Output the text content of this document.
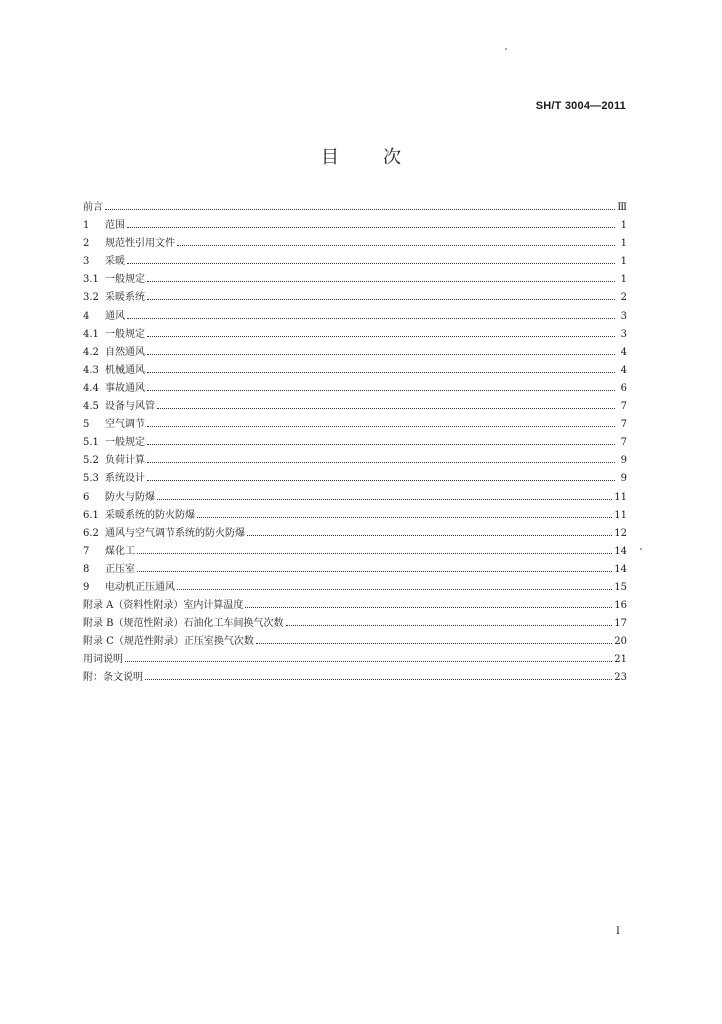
SH/T 3004—2011
目 次
前言	Ⅲ
1	范围	1
2	规范性引用文件	1
3	采暖	1
3.1 一般规定	1
3.2 采暖系统	2
4	通风	3
4.1 一般规定	3
4.2 自然通风	4
4.3 机械通风	4
4.4 事故通风	6
4.5 设备与风管	7
5	空气调节	7
5.1 一般规定	7
5.2 负荷计算	9
5.3 系统设计	9
6	防火与防爆	11
6.1 采暖系统的防火防爆	11
6.2 通风与空气调节系统的防火防爆	12
7	煤化工	14
8	正压室	14
9	电动机正压通风	15
附录 A（资料性附录）室内计算温度	16
附录 B（规范性附录）石油化工车间换气次数	17
附录 C（规范性附录）正压室换气次数	20
用词说明	21
附：条文说明	23
Ⅰ
